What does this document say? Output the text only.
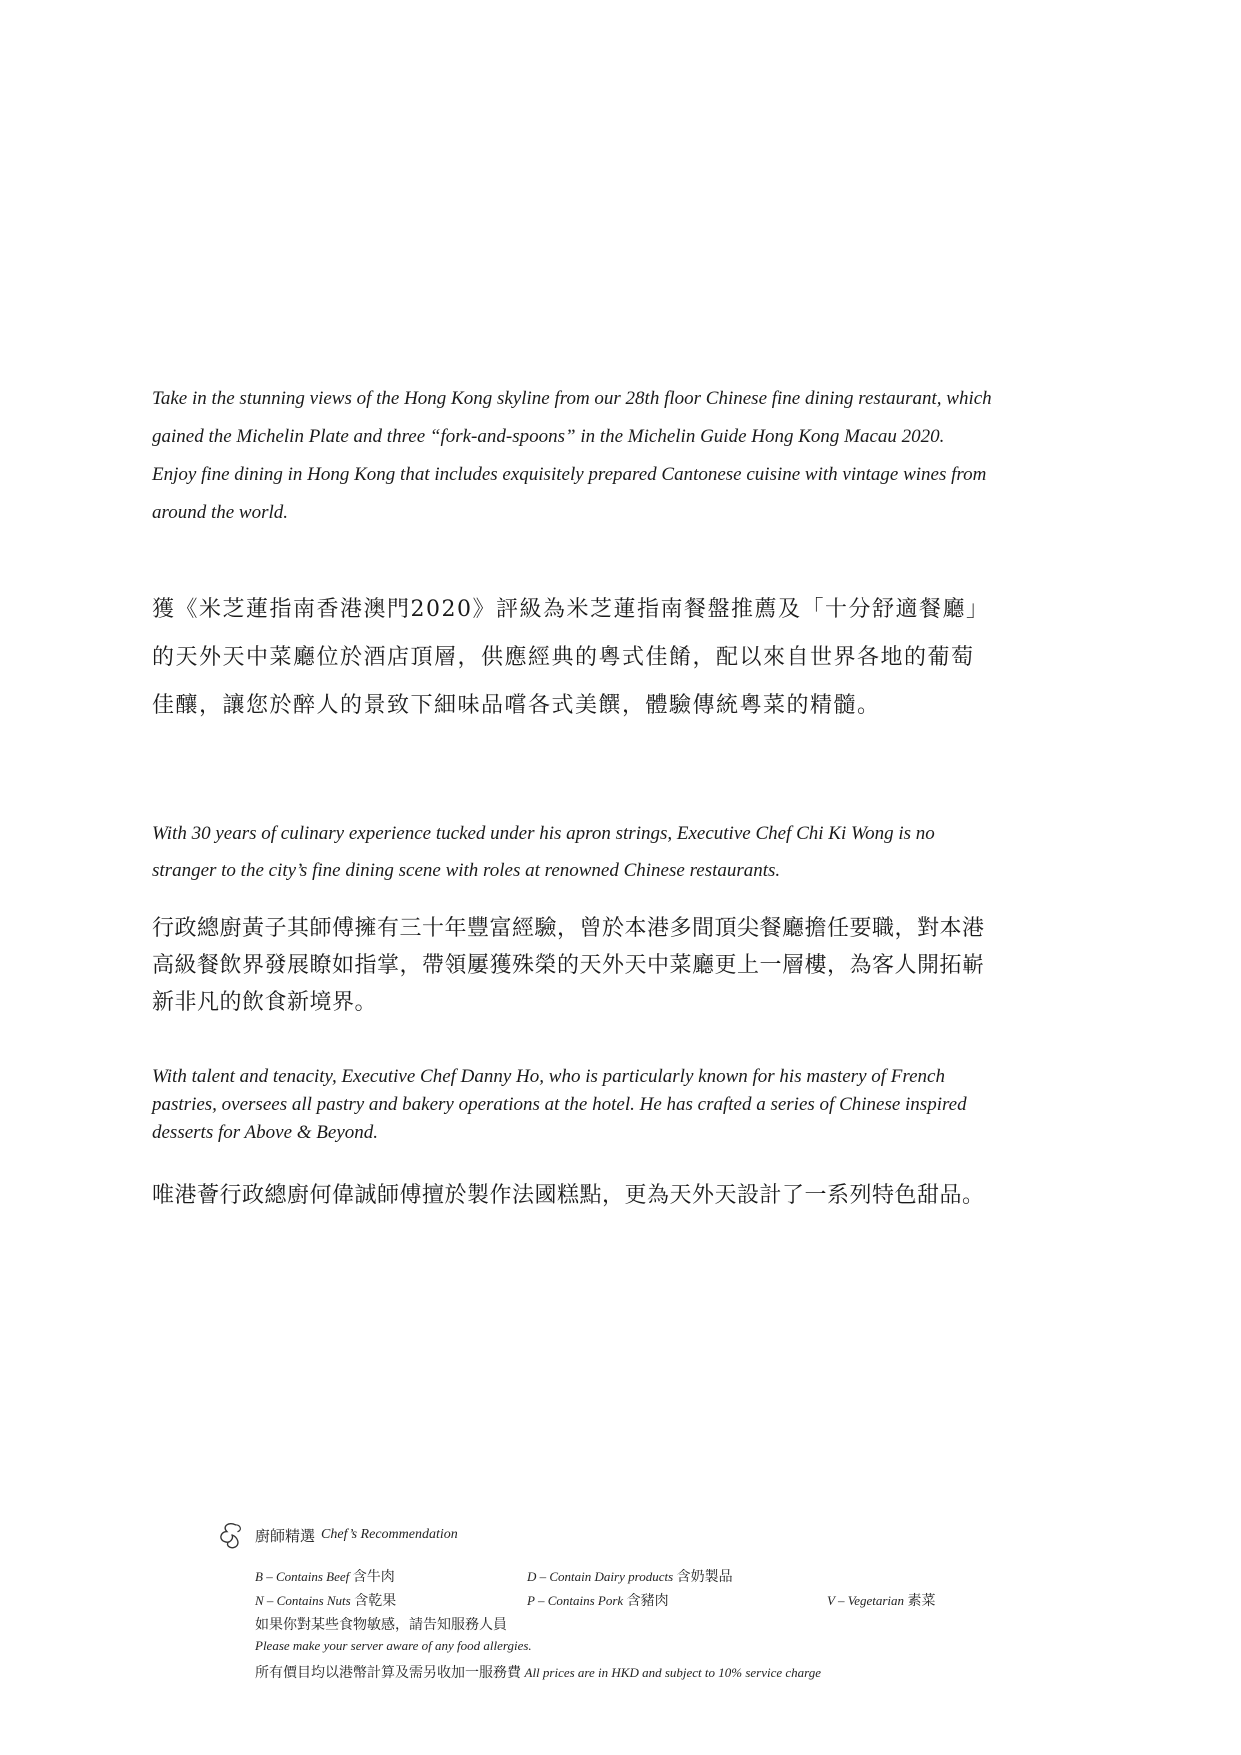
Take in the stunning views of the Hong Kong skyline from our 28th floor Chinese fine dining restaurant, which gained the Michelin Plate and three “fork-and-spoons” in the Michelin Guide Hong Kong Macau 2020. Enjoy fine dining in Hong Kong that includes exquisitely prepared Cantonese cuisine with vintage wines from around the world.
獲《米芝蓮指南香港澳門2020》評級為米芝蓮指南餐盤推薦及「十分舒適餐廳」的天外天中菜廳位於酒店頂層，供應經典的粵式佳餚，配以來自世界各地的葡萄佳釀，讓您於醉人的景致下細味品嚐各式美饌，體驗傳統粵菜的精髓。
With 30 years of culinary experience tucked under his apron strings, Executive Chef Chi Ki Wong is no stranger to the city’s fine dining scene with roles at renowned Chinese restaurants.
行政總廚黃子其師傅擁有三十年豐富經驗，曾於本港多間頂尖餐廳擔任要職，對本港高級餐飲界發展瞭如指掌，帶領屢獲殊榮的天外天中菜廳更上一層樓，為客人開拓嶄新非凡的飲食新境界。
With talent and tenacity, Executive Chef Danny Ho, who is particularly known for his mastery of French pastries, oversees all pastry and bakery operations at the hotel. He has crafted a series of Chinese inspired desserts for Above & Beyond.
唯港薈行政總廚何偉誠師傅擅於製作法國糕點，更為天外天設計了一系列特色甜品。
廚師精選 Chef’s Recommendation
B – Contains Beef 含牛肉	D – Contain Dairy products 含奶製品
N – Contains Nuts 含乾果	P – Contains Pork 含豬肉	V – Vegetarian 素菜
如果你對某些食物敏感，請告知服務人員
Please make your server aware of any food allergies.
所有價目均以港幣計算及需另收加一服務費 All prices are in HKD and subject to 10% service charge
